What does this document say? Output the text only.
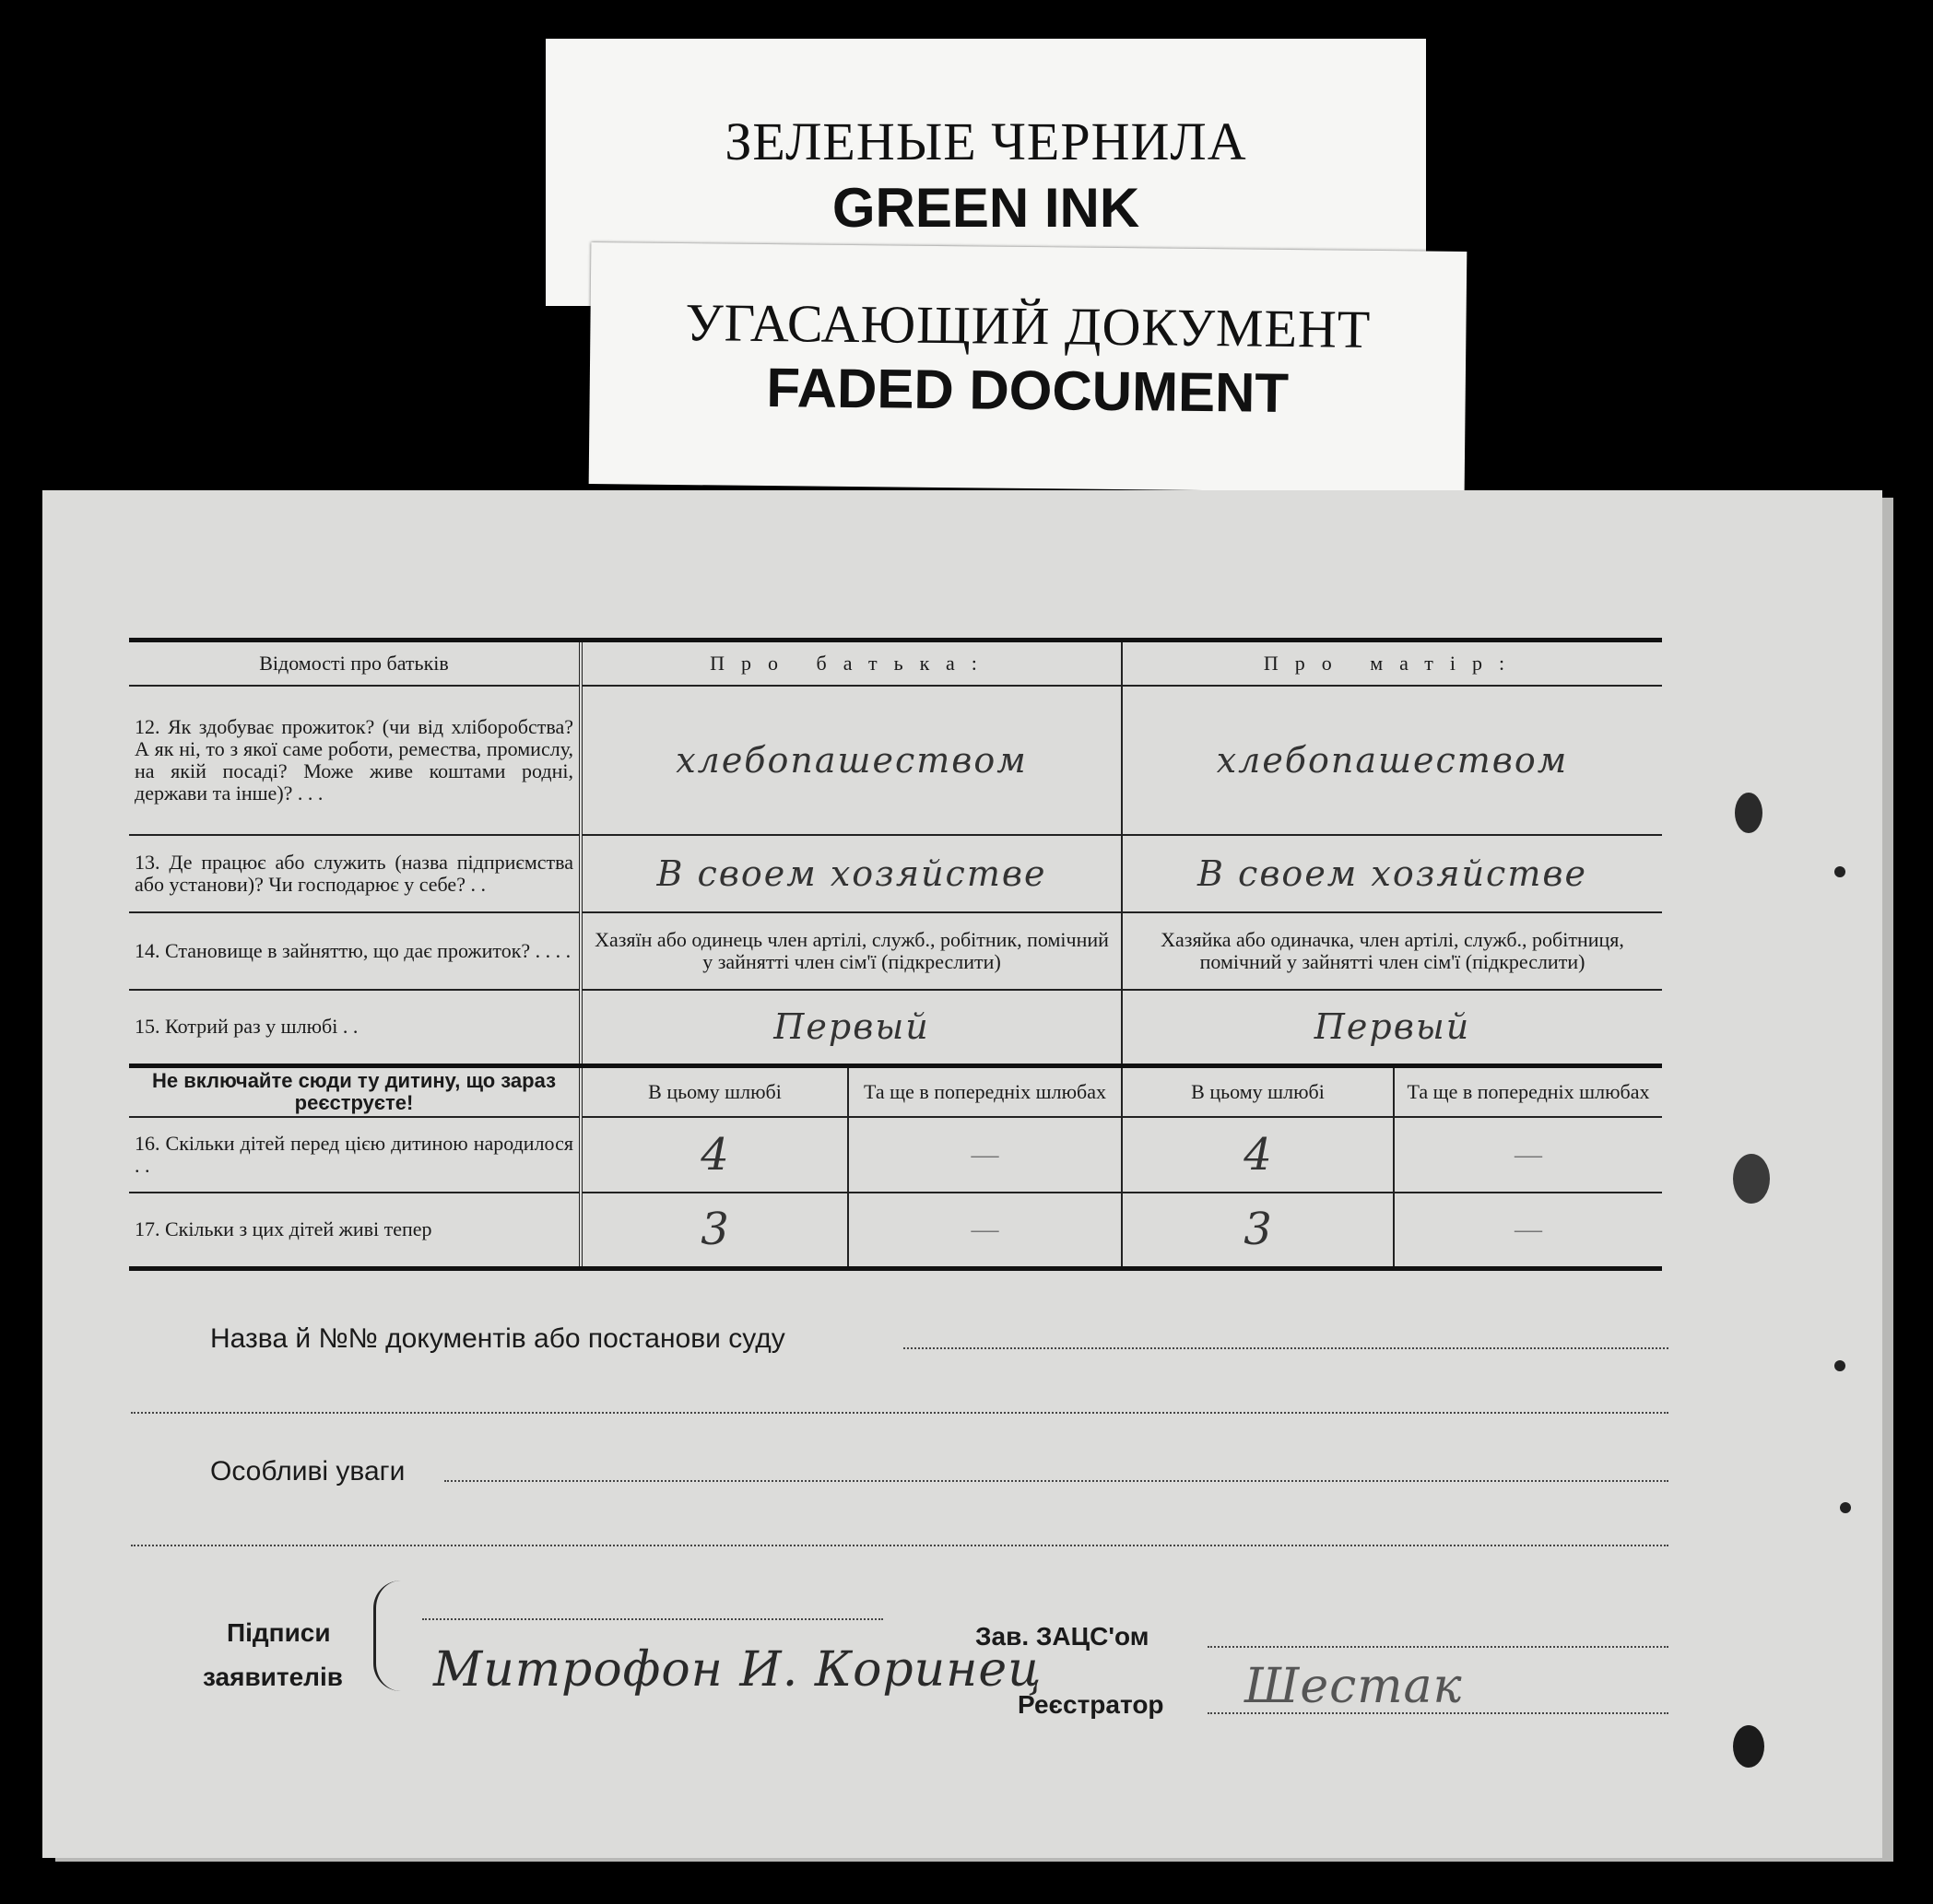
ЗЕЛЕНЫЕ ЧЕРНИЛА
GREEN INK
УГАСАЮЩИЙ ДОКУМЕНТ
FADED DOCUMENT
Відомості про батьків	Про батька:		Про матір:	
12. Як здобуває прожиток? (чи від хліборобства? А як ні, то з якої саме роботи, ремества, промислу, на якій посаді? Може живе коштами родні, держави та інше)? . . .	хлебопашеством		хлебопашеством	
13. Де працює або служить (назва підприємства або установи)? Чи господарює у себе? . .	В своем хозяйстве		В своем хозяйстве	
14. Становище в зайняттю, що дає прожиток? . . . .	Хазяїн або одинець член артілі, служб., робітник, помічний у зайнятті член сім'ї (підкреслити)		Хазяйка або одиначка, член артілі, служб., робітниця, помічний у зайнятті член сім'ї (підкреслити)	
15. Котрий раз у шлюбі . .	Первый		Первый	
Не включайте сюди ту дитину, що зараз реєструєте!	В цьому шлюбі	Та ще в попередніх шлюбах	В цьому шлюбі	Та ще в попередніх шлюбах
16. Скільки дітей перед цією дитиною народилося . .	4	—	4	—
17. Скільки з цих дітей живі тепер	3	—	3	—
Назва й №№ документів або постанови суду
Особливі уваги
Підписи
заявителів Митрофон И. Коринец
Зав. ЗАЦС'ом
Реєстратор Шестак
